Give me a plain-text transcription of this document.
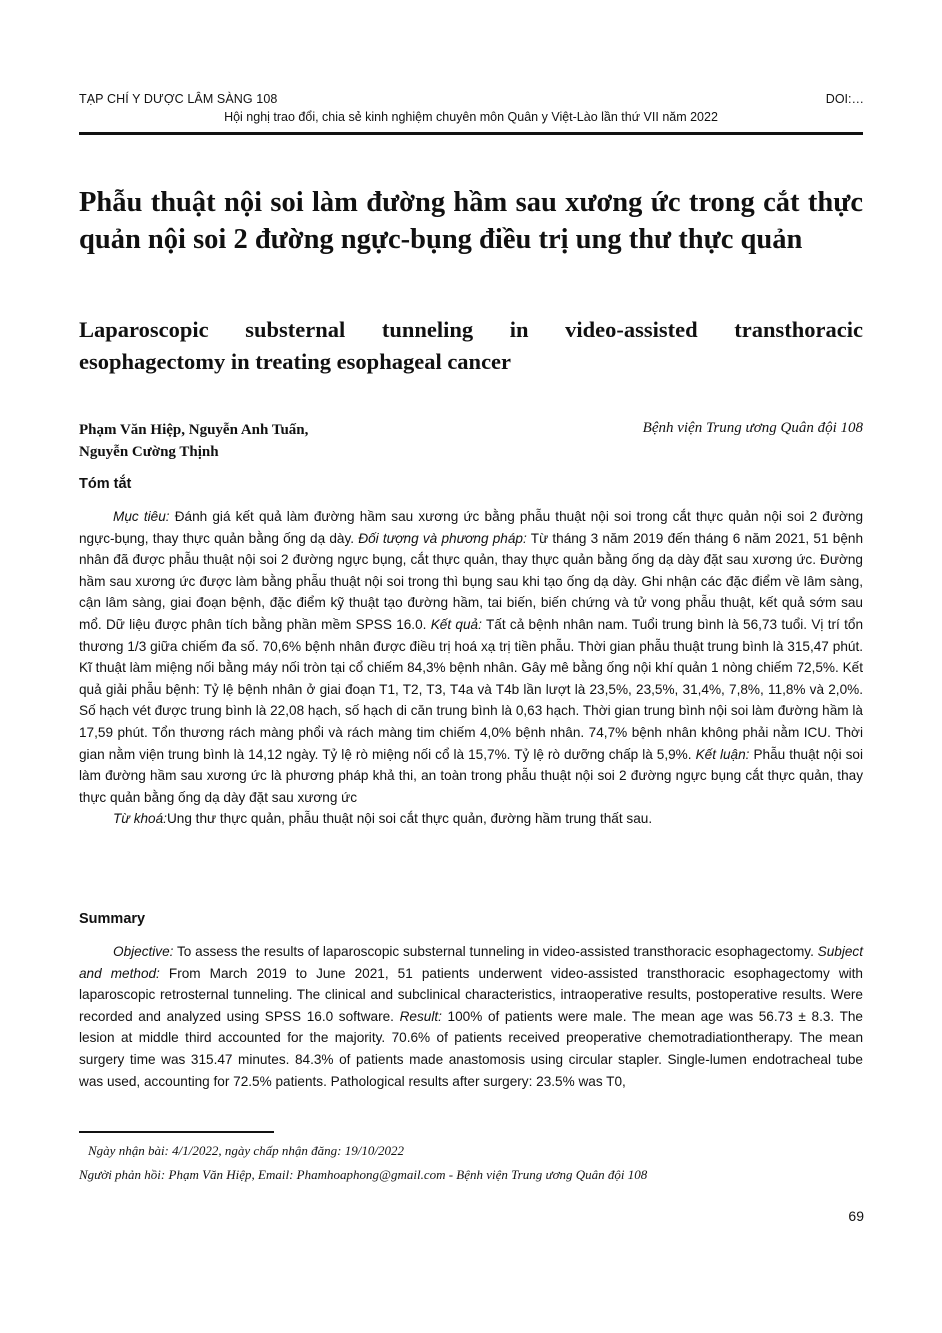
TẠP CHÍ Y DƯỢC LÂM SÀNG 108	DOI:…
Hội nghị trao đổi, chia sẻ kinh nghiệm chuyên môn Quân y Việt-Lào lần thứ VII năm 2022
Phẫu thuật nội soi làm đường hầm sau xương ức trong cắt thực quản nội soi 2 đường ngực-bụng điều trị ung thư thực quản
Laparoscopic substernal tunneling in video-assisted transthoracic
esophagectomy in treating esophageal cancer
Phạm Văn Hiệp, Nguyễn Anh Tuấn,
Nguyễn Cường Thịnh
Bệnh viện Trung ương Quân đội 108
Tóm tắt

Mục tiêu: Đánh giá kết quả làm đường hầm sau xương ức bằng phẫu thuật nội soi trong cắt thực quản nội soi 2 đường ngực-bụng, thay thực quản bằng ống dạ dày. Đối tượng và phương pháp: Từ tháng 3 năm 2019 đến tháng 6 năm 2021, 51 bệnh nhân đã được phẫu thuật nội soi 2 đường ngực bụng, cắt thực quản, thay thực quản bằng ống dạ dày đặt sau xương ức. Đường hầm sau xương ức được làm bằng phẫu thuật nội soi trong thì bụng sau khi tạo ống dạ dày. Ghi nhận các đặc điểm về lâm sàng, cận lâm sàng, giai đoạn bệnh, đặc điểm kỹ thuật tạo đường hầm, tai biến, biến chứng và tử vong phẫu thuật, kết quả sớm sau mổ. Dữ liệu được phân tích bằng phần mềm SPSS 16.0. Kết quả: Tất cả bệnh nhân nam. Tuổi trung bình là 56,73 tuổi. Vị trí tổn thương 1/3 giữa chiếm đa số. 70,6% bệnh nhân được điều trị hoá xạ trị tiền phẫu. Thời gian phẫu thuật trung bình là 315,47 phút. Kĩ thuật làm miệng nối bằng máy nối tròn tại cổ chiếm 84,3% bệnh nhân. Gây mê bằng ống nội khí quản 1 nòng chiếm 72,5%. Kết quả giải phẫu bệnh: Tỷ lệ bệnh nhân ở giai đoạn T1, T2, T3, T4a và T4b lần lượt là 23,5%, 23,5%, 31,4%, 7,8%, 11,8% và 2,0%. Số hạch vét được trung bình là 22,08 hạch, số hạch di căn trung bình là 0,63 hạch. Thời gian trung bình nội soi làm đường hầm là 17,59 phút. Tổn thương rách màng phổi và rách màng tim chiếm 4,0% bệnh nhân. 74,7% bệnh nhân không phải nằm ICU. Thời gian nằm viện trung bình là 14,12 ngày. Tỷ lệ rò miệng nối cổ là 15,7%. Tỷ lệ rò dưỡng chấp là 5,9%. Kết luận: Phẫu thuật nội soi làm đường hầm sau xương ức là phương pháp khả thi, an toàn trong phẫu thuật nội soi 2 đường ngực bụng cắt thực quản, thay thực quản bằng ống dạ dày đặt sau xương ức

Từ khoá:Ung thư thực quản, phẫu thuật nội soi cắt thực quản, đường hầm trung thất sau.

Summary

Objective: To assess the results of laparoscopic substernal tunneling in video-assisted transthoracic esophagectomy. Subject and method: From March 2019 to June 2021, 51 patients underwent video-assisted transthoracic esophagectomy with laparoscopic retrosternal tunneling. The clinical and subclinical characteristics, intraoperative results, postoperative results. Were recorded and analyzed using SPSS 16.0 software. Result: 100% of patients were male. The mean age was 56.73 ± 8.3. The lesion at middle third accounted for the majority. 70.6% of patients received preoperative chemotradiationtherapy. The mean surgery time was 315.47 minutes. 84.3% of patients made anastomosis using circular stapler. Single-lumen endotracheal tube was used, accounting for 72.5% patients. Pathological results after surgery: 23.5% was T0,

Ngày nhận bài: 4/1/2022, ngày chấp nhận đăng: 19/10/2022
Người phản hồi: Phạm Văn Hiệp, Email: Phamhoaphong@gmail.com - Bệnh viện Trung ương Quân đội 108
69
